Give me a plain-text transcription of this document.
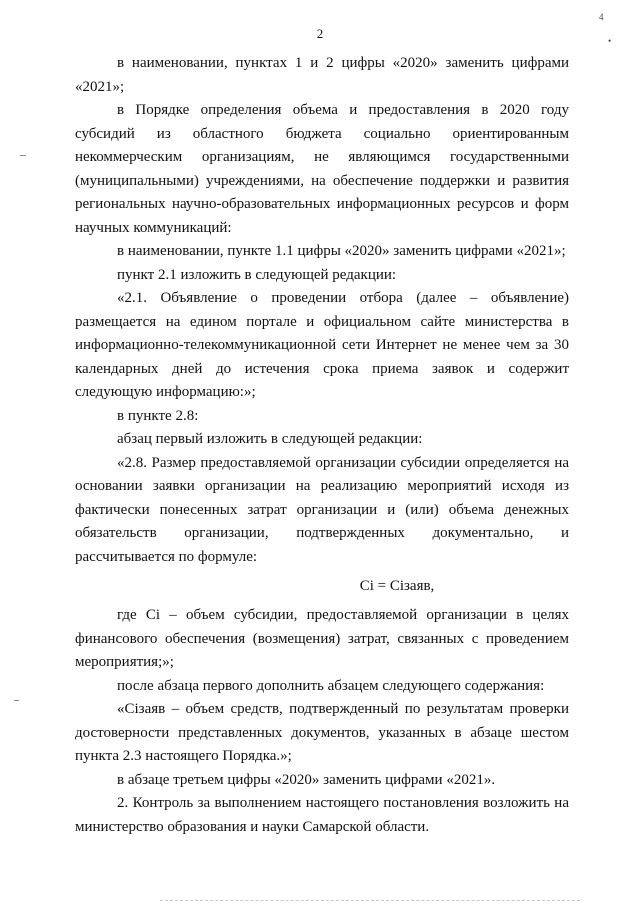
2
4
•

в наименовании, пунктах 1 и 2 цифры «2020» заменить цифрами «2021»;

в Порядке определения объема и предоставления в 2020 году субсидий из областного бюджета социально ориентированным некоммерческим организациям, не являющимся государственными (муниципальными) учреждениями, на обеспечение поддержки и развития региональных научно-образовательных информационных ресурсов и форм научных коммуникаций:

в наименовании, пункте 1.1 цифры «2020» заменить цифрами «2021»;

пункт 2.1 изложить в следующей редакции:

«2.1. Объявление о проведении отбора (далее – объявление) размещается на едином портале и официальном сайте министерства в информационно-телекоммуникационной сети Интернет не менее чем за 30 календарных дней до истечения срока приема заявок и содержит следующую информацию:»;

в пункте 2.8:

абзац первый изложить в следующей редакции:

«2.8. Размер предоставляемой организации субсидии определяется на основании заявки организации на реализацию мероприятий исходя из фактически понесенных затрат организации и (или) объема денежных обязательств организации, подтвержденных документально, и рассчитывается по формуле:

Ci = Ciзаяв,

где Ci – объем субсидии, предоставляемой организации в целях финансового обеспечения (возмещения) затрат, связанных с проведением мероприятия;»;

после абзаца первого дополнить абзацем следующего содержания:

«Ciзаяв – объем средств, подтвержденный по результатам проверки достоверности представленных документов, указанных в абзаце шестом пункта 2.3 настоящего Порядка.»;

в абзаце третьем цифры «2020» заменить цифрами «2021».

2. Контроль за выполнением настоящего постановления возложить на министерство образования и науки Самарской области.
